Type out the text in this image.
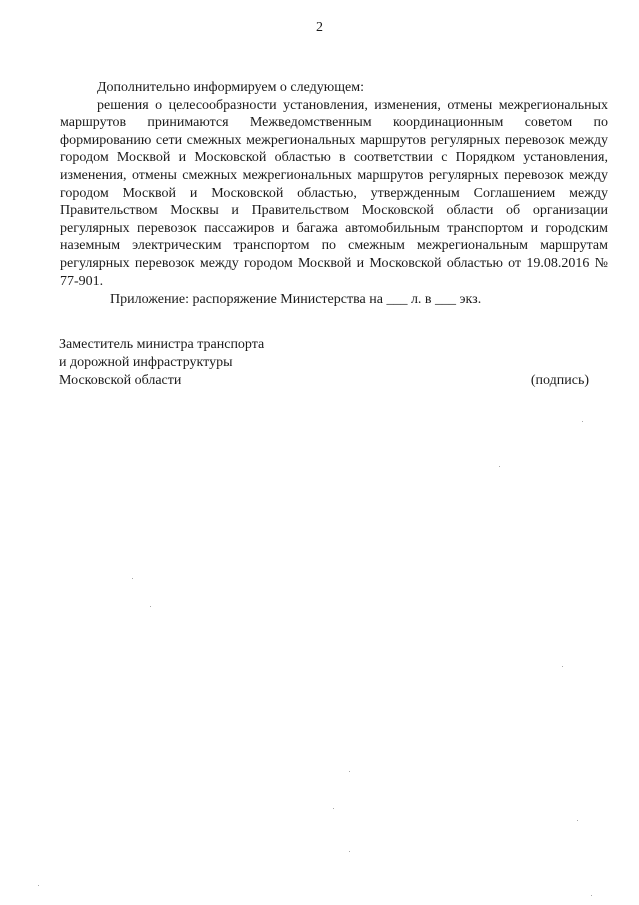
2

Дополнительно информируем о следующем:

решения о целесообразности установления, изменения, отмены межрегиональных маршрутов принимаются Межведомственным координационным советом по формированию сети смежных межрегиональных маршрутов регулярных перевозок между городом Москвой и Московской областью в соответствии с Порядком установления, изменения, отмены смежных межрегиональных маршрутов регулярных перевозок между городом Москвой и Московской областью, утвержденным Соглашением между Правительством Москвы и Правительством Московской области об организации регулярных перевозок пассажиров и багажа автомобильным транспортом и городским наземным электрическим транспортом по смежным межрегиональным маршрутам регулярных перевозок между городом Москвой и Московской областью от 19.08.2016 № 77-901.

Приложение: распоряжение Министерства на ___ л. в ___ экз.

Заместитель министра транспорта
и дорожной инфраструктуры
Московской области	(подпись)
